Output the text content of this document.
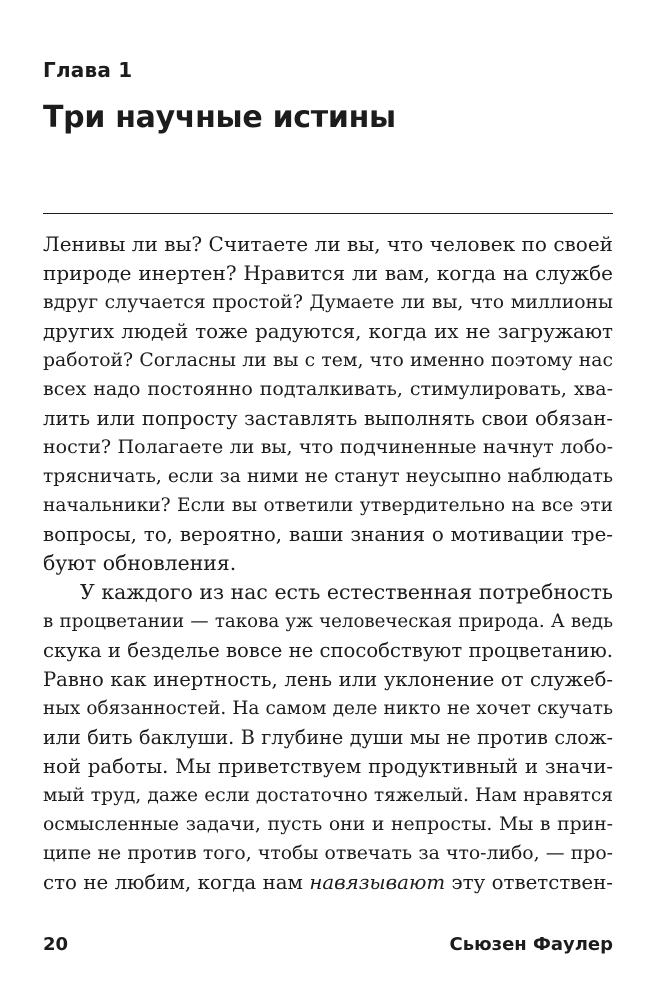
Глава 1
Три научные истины
Ленивы ли вы? Считаете ли вы, что человек по своей
природе инертен? Нравится ли вам, когда на службе
вдруг случается простой? Думаете ли вы, что миллионы
других людей тоже радуются, когда их не загружают
работой? Согласны ли вы с тем, что именно поэтому нас
всех надо постоянно подталкивать, стимулировать, хва-
лить или попросту заставлять выполнять свои обязан-
ности? Полагаете ли вы, что подчиненные начнут лобо-
трясничать, если за ними не станут неусыпно наблюдать
начальники? Если вы ответили утвердительно на все эти
вопросы, то, вероятно, ваши знания о мотивации тре-
буют обновления.
У каждого из нас есть естественная потребность
в процветании — такова уж человеческая природа. А ведь
скука и безделье вовсе не способствуют процветанию.
Равно как инертность, лень или уклонение от служеб-
ных обязанностей. На самом деле никто не хочет скучать
или бить баклуши. В глубине души мы не против слож-
ной работы. Мы приветствуем продуктивный и значи-
мый труд, даже если достаточно тяжелый. Нам нравятся
осмысленные задачи, пусть они и непросты. Мы в прин-
ципе не против того, чтобы отвечать за что-либо, — про-
сто не любим, когда нам навязывают эту ответствен-
20	Сьюзен Фаулер
